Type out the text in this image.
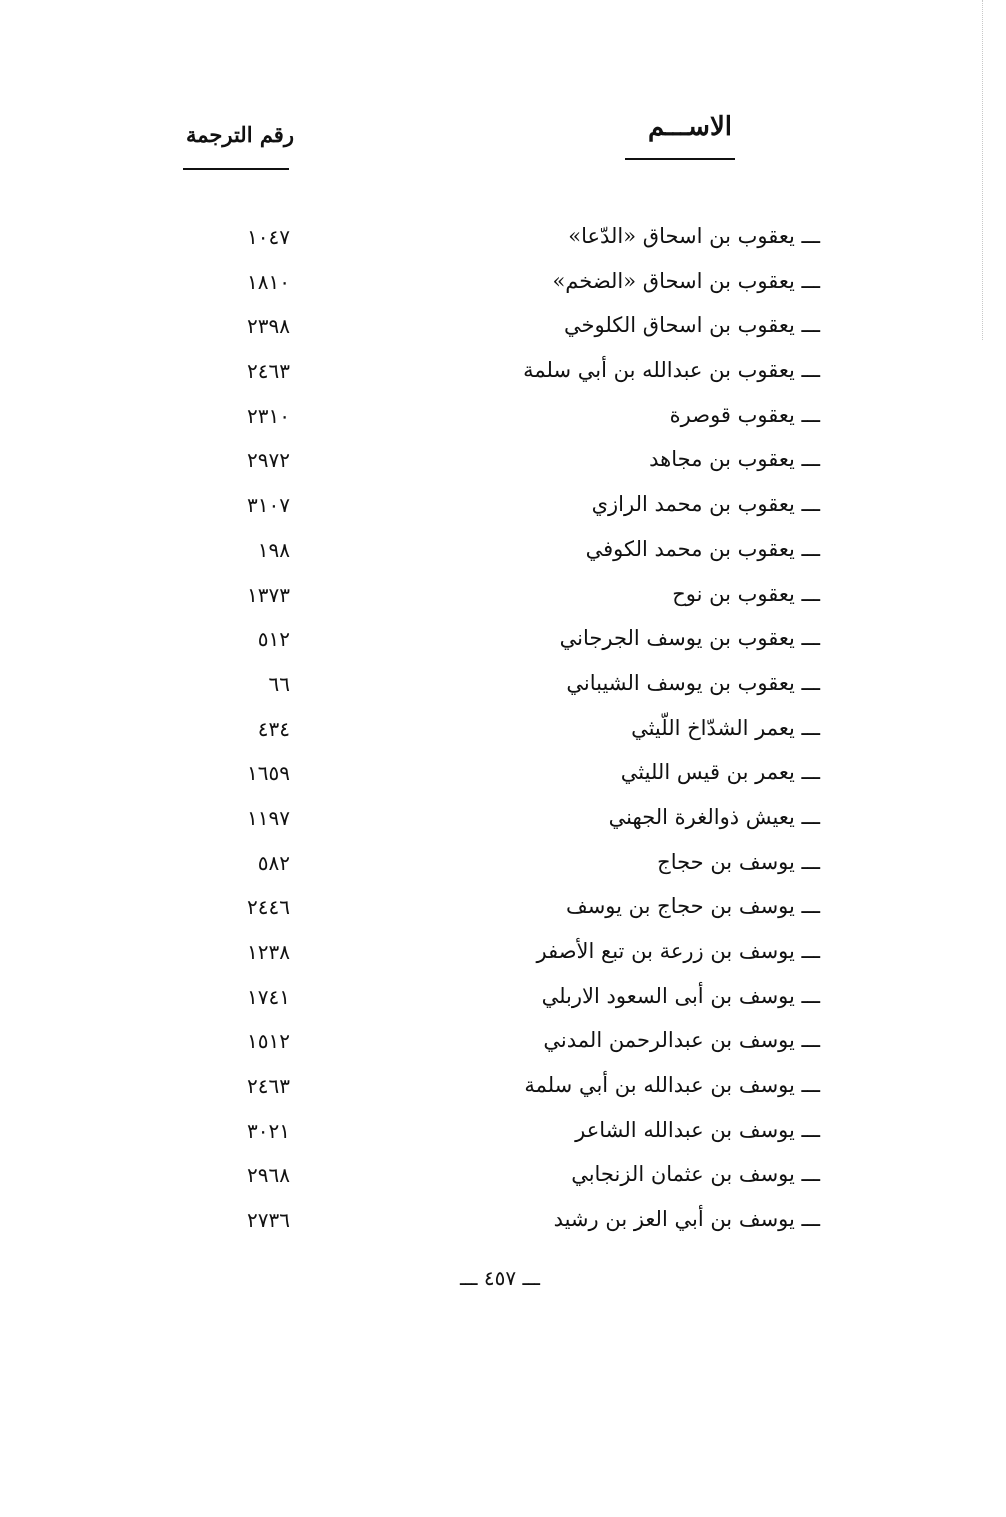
الاســـم
رقم الترجمة
ـــ يعقوب بن اسحاق «الدّعا»
١٠٤٧
ـــ يعقوب بن اسحاق «الضخم»
١٨١٠
ـــ يعقوب بن اسحاق الكلوخي
٢٣٩٨
ـــ يعقوب بن عبدالله بن أبي سلمة
٢٤٦٣
ـــ يعقوب قوصرة
٢٣١٠
ـــ يعقوب بن مجاهد
٢٩٧٢
ـــ يعقوب بن محمد الرازي
٣١٠٧
ـــ يعقوب بن محمد الكوفي
١٩٨
ـــ يعقوب بن نوح
١٣٧٣
ـــ يعقوب بن يوسف الجرجاني
٥١٢
ـــ يعقوب بن يوسف الشيباني
٦٦
ـــ يعمر الشدّاخ اللّيثي
٤٣٤
ـــ يعمر بن قيس الليثي
١٦٥٩
ـــ يعيش ذوالغرة الجهني
١١٩٧
ـــ يوسف بن حجاج
٥٨٢
ـــ يوسف بن حجاج بن يوسف
٢٤٤٦
ـــ يوسف بن زرعة بن تبع الأصفر
١٢٣٨
ـــ يوسف بن أبى السعود الاربلي
١٧٤١
ـــ يوسف بن عبدالرحمن المدني
١٥١٢
ـــ يوسف بن عبدالله بن أبي سلمة
٢٤٦٣
ـــ يوسف بن عبدالله الشاعر
٣٠٢١
ـــ يوسف بن عثمان الزنجابي
٢٩٦٨
ـــ يوسف بن أبي العز بن رشيد
٢٧٣٦
ـــ ٤٥٧ ـــ
